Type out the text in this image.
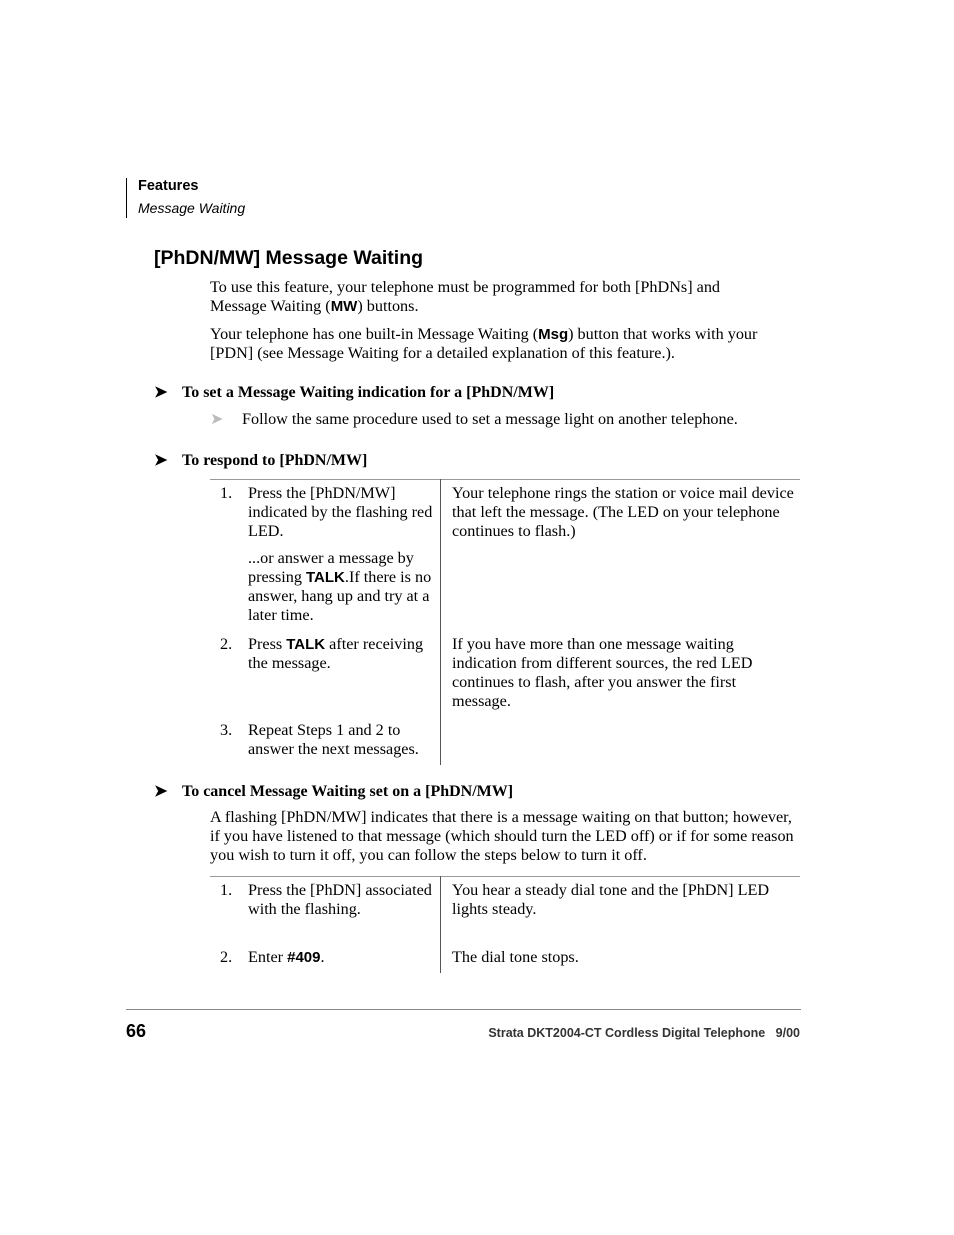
Features
Message Waiting
[PhDN/MW] Message Waiting
To use this feature, your telephone must be programmed for both [PhDNs] and
Message Waiting (MW) buttons.
Your telephone has one built-in Message Waiting (Msg) button that works with your
[PDN] (see Message Waiting for a detailed explanation of this feature.).
➤ To set a Message Waiting indication for a [PhDN/MW]
➤ Follow the same procedure used to set a message light on another telephone.
➤ To respond to [PhDN/MW]
1. Press the [PhDN/MW] indicated by the flashing red LED.
...or answer a message by pressing TALK.If there is no answer, hang up and try at a later time.
Your telephone rings the station or voice mail device that left the message. (The LED on your telephone continues to flash.)
2. Press TALK after receiving the message.
If you have more than one message waiting indication from different sources, the red LED continues to flash, after you answer the first message.
3. Repeat Steps 1 and 2 to answer the next messages.
➤ To cancel Message Waiting set on a [PhDN/MW]
A flashing [PhDN/MW] indicates that there is a message waiting on that button; however, if you have listened to that message (which should turn the LED off) or if for some reason you wish to turn it off, you can follow the steps below to turn it off.
1. Press the [PhDN] associated with the flashing.
You hear a steady dial tone and the [PhDN] LED lights steady.
2. Enter #409.	The dial tone stops.
66	Strata DKT2004-CT Cordless Digital Telephone   9/00
